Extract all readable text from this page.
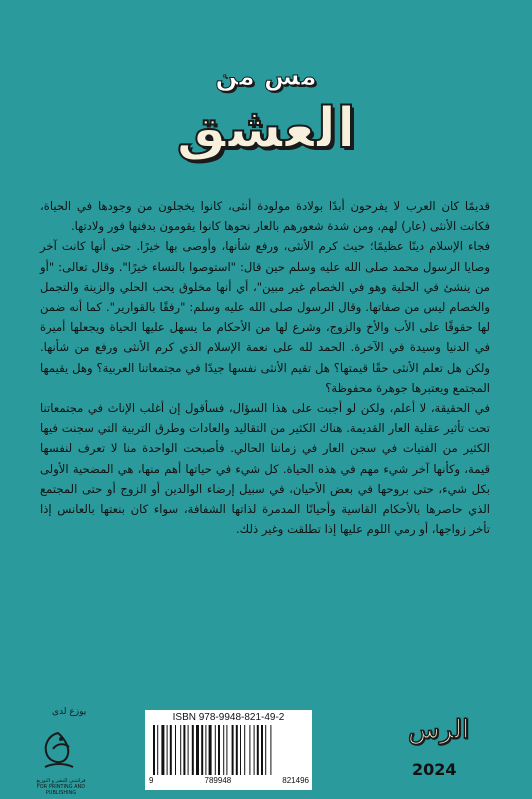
مس من
العشق

قديمًا كان العرب لا يفرحون أبدًا بولادة مولودة أنثى، كانوا يخجلون من وجودها في الحياة، فكانت الأنثى (عار) لهم، ومن شدة شعورهم بالعار نحوها كانوا يقومون بدفنها فور ولادتها.

فجاء الإسلام دينًا عظيمًا؛ حيث كرم الأنثى، ورفع شأنها، وأوصى بها خيرًا. حتى أنها كانت آخر وصايا الرسول محمد صلى الله عليه وسلم حين قال: "استوصوا بالنساء خيرًا". وقال تعالى: "أو من ينشئ في الحلية وهو في الخصام غير مبين"، أي أنها مخلوق يحب الحلي والزينة والتجمل والخصام ليس من صفاتها. وقال الرسول صلى الله عليه وسلم: "رفقًا بالقوارير". كما أنه ضمن لها حقوقًا على الأب والأخ والزوج، وشرع لها من الأحكام ما يسهل عليها الحياة ويجعلها أميرة في الدنيا وسيدة في الآخرة. الحمد لله على نعمة الإسلام الذي كرم الأنثى ورفع من شأنها. ولكن هل تعلم الأنثى حقًا قيمتها؟ هل تقيم الأنثى نفسها جيدًا في مجتمعاتنا العربية؟ وهل يقيمها المجتمع ويعتبرها جوهرة محفوظة؟

في الحقيقة، لا أعلم، ولكن لو أجبت على هذا السؤال، فسأقول إن أغلب الإناث في مجتمعاتنا تحت تأثير عقلية العار القديمة. هناك الكثير من التقاليد والعادات وطرق التربية التي سجنت فيها الكثير من الفتيات في سجن العار في زماننا الحالي. فأصبحت الواحدة منا لا تعرف لنفسها قيمة، وكأنها آخر شيء مهم في هذه الحياة. كل شيء في حياتها أهم منها، هي المضحية الأولى بكل شيء، حتى بروحها في بعض الأحيان، في سبيل إرضاء الوالدين أو الزوج أو حتى المجتمع الذي حاصرها بالأحكام القاسية وأحيانًا المدمرة لذاتها الشفافة، سواء كان بنعتها بالعانس إذا تأخر زواجها، أو رمي اللوم عليها إذا تطلقت وغير ذلك.

يوزع لدى
فراشتي للنشر و التوزيع
FOR PRINTING AND PUBLISHING
ISBN 978-9948-821-49-2
9	789948	821496
الرس
2024
